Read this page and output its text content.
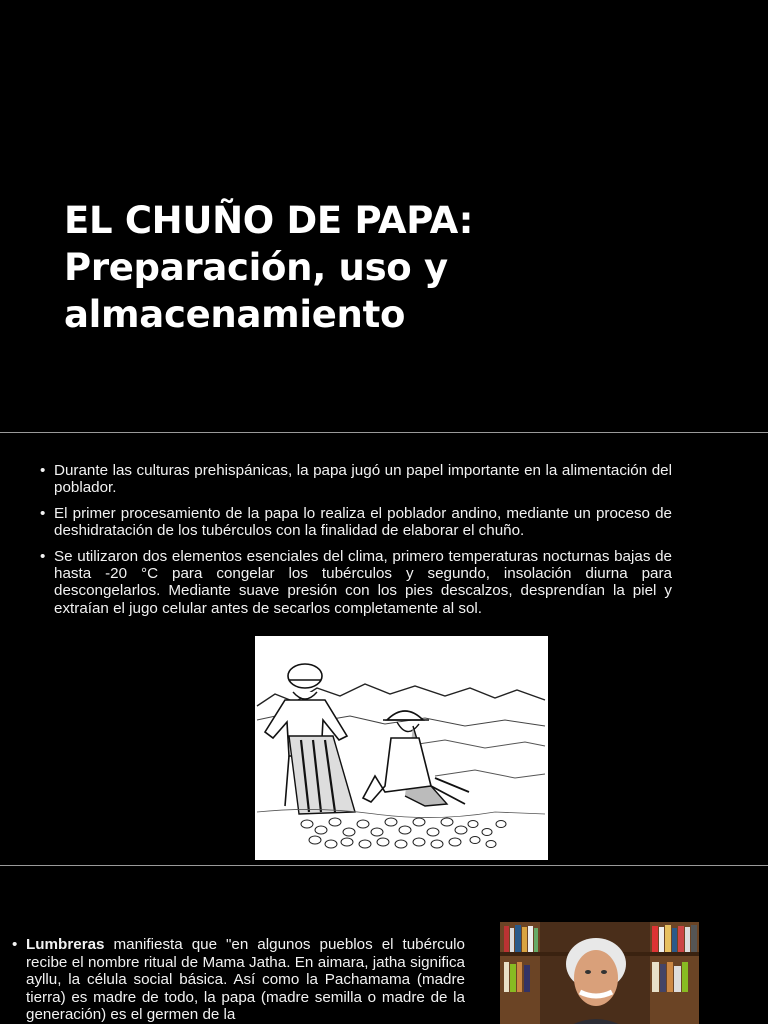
EL CHUÑO DE PAPA:
Preparación, uso y
almacenamiento
• Durante las culturas prehispánicas, la papa jugó un papel importante en la alimentación del poblador.
• El primer procesamiento de la papa lo realiza el poblador andino, mediante un proceso de deshidratación de los tubérculos con la finalidad de elaborar el chuño.
• Se utilizaron dos elementos esenciales del clima, primero temperaturas nocturnas bajas de hasta -20 °C para congelar los tubérculos y segundo, insolación diurna para descongelarlos. Mediante suave presión con los pies descalzos, desprendían la piel y extraían el jugo celular antes de secarlos completamente al sol.
• Lumbreras manifiesta que "en algunos pueblos el tubérculo recibe el nombre ritual de Mama Jatha. En aimara, jatha significa ayllu, la célula social básica. Así como la Pachamama (madre tierra) es madre de todo, la papa (madre semilla o madre de la generación) es el germen de la
